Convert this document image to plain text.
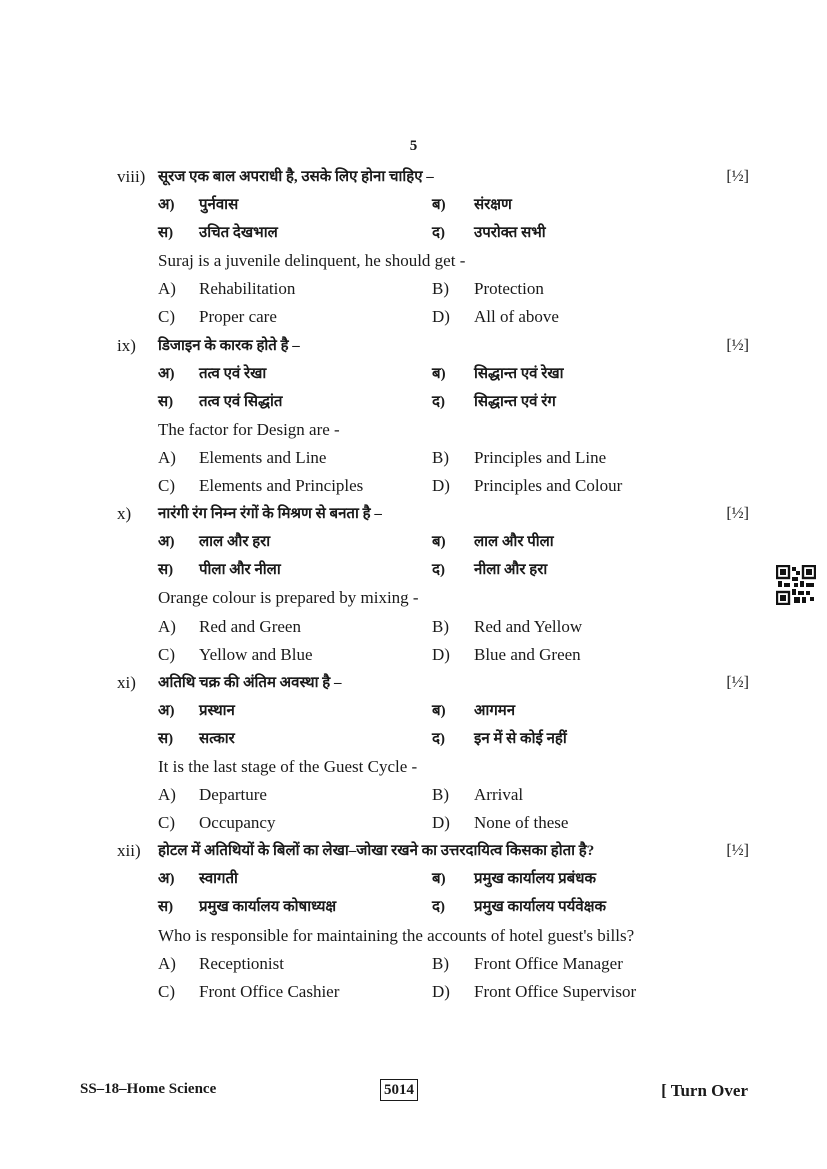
5
viii) सूरज एक बाल अपराधी है, उसके लिए होना चाहिए –	[½]
अ)	पुर्नवास	ब)	संरक्षण
स)	उचित देखभाल	द)	उपरोक्त सभी
Suraj is a juvenile delinquent, he should get -
A)	Rehabilitation	B)	Protection
C)	Proper care	D)	All of above
ix)	डिजाइन के कारक होते है –	[½]
अ)	तत्व एवं रेखा	ब)	सिद्धान्त एवं रेखा
स)	तत्व एवं सिद्धांत	द)	सिद्धान्त एवं रंग
The factor for Design are -
A)	Elements and Line	B)	Principles and Line
C)	Elements and Principles	D)	Principles and Colour
x)	नारंगी रंग निम्न रंगों के मिश्रण से बनता है –	[½]
अ)	लाल और हरा	ब)	लाल और पीला
स)	पीला और नीला	द)	नीला और हरा
Orange colour is prepared by mixing -
A)	Red and Green	B)	Red and Yellow
C)	Yellow and Blue	D)	Blue and Green
xi)	अतिथि चक्र की अंतिम अवस्था है –	[½]
अ)	प्रस्थान	ब)	आगमन
स)	सत्कार	द)	इन में से कोई नहीं
It is the last stage of the Guest Cycle -
A)	Departure	B)	Arrival
C)	Occupancy	D)	None of these
xii)	होटल में अतिथियों के बिलों का लेखा–जोखा रखने का उत्तरदायित्व किसका होता है?	[½]
अ)	स्वागती	ब)	प्रमुख कार्यालय प्रबंधक
स)	प्रमुख कार्यालय कोषाध्यक्ष	द)	प्रमुख कार्यालय पर्यवेक्षक
Who is responsible for maintaining the accounts of hotel guest's bills?
A)	Receptionist	B)	Front Office Manager
C)	Front Office Cashier	D)	Front Office Supervisor
SS–18–Home Science	5014	[ Turn Over
